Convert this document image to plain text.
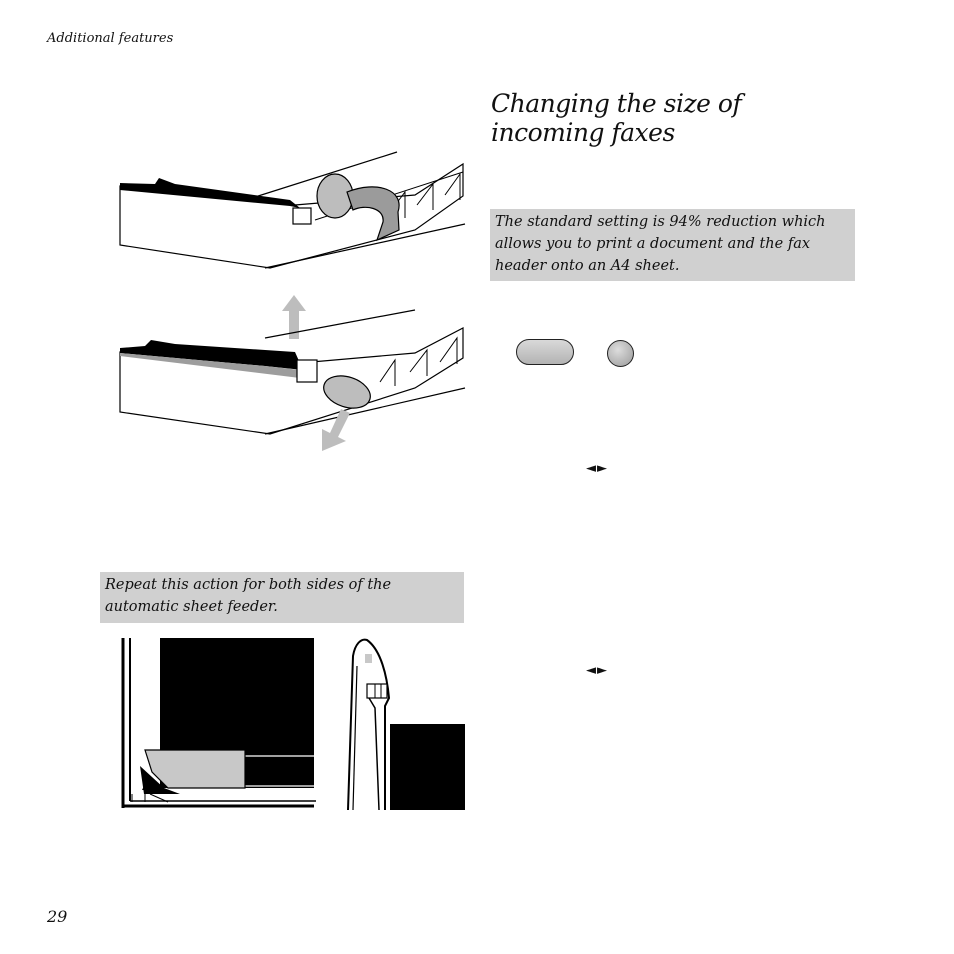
Additional features
Changing the size of incoming faxes
Repeat this action for both sides of the automatic sheet feeder.
The standard setting is 94% reduction which allows you to print a document and the fax header onto an A4 sheet.
◄►
◄►
29
